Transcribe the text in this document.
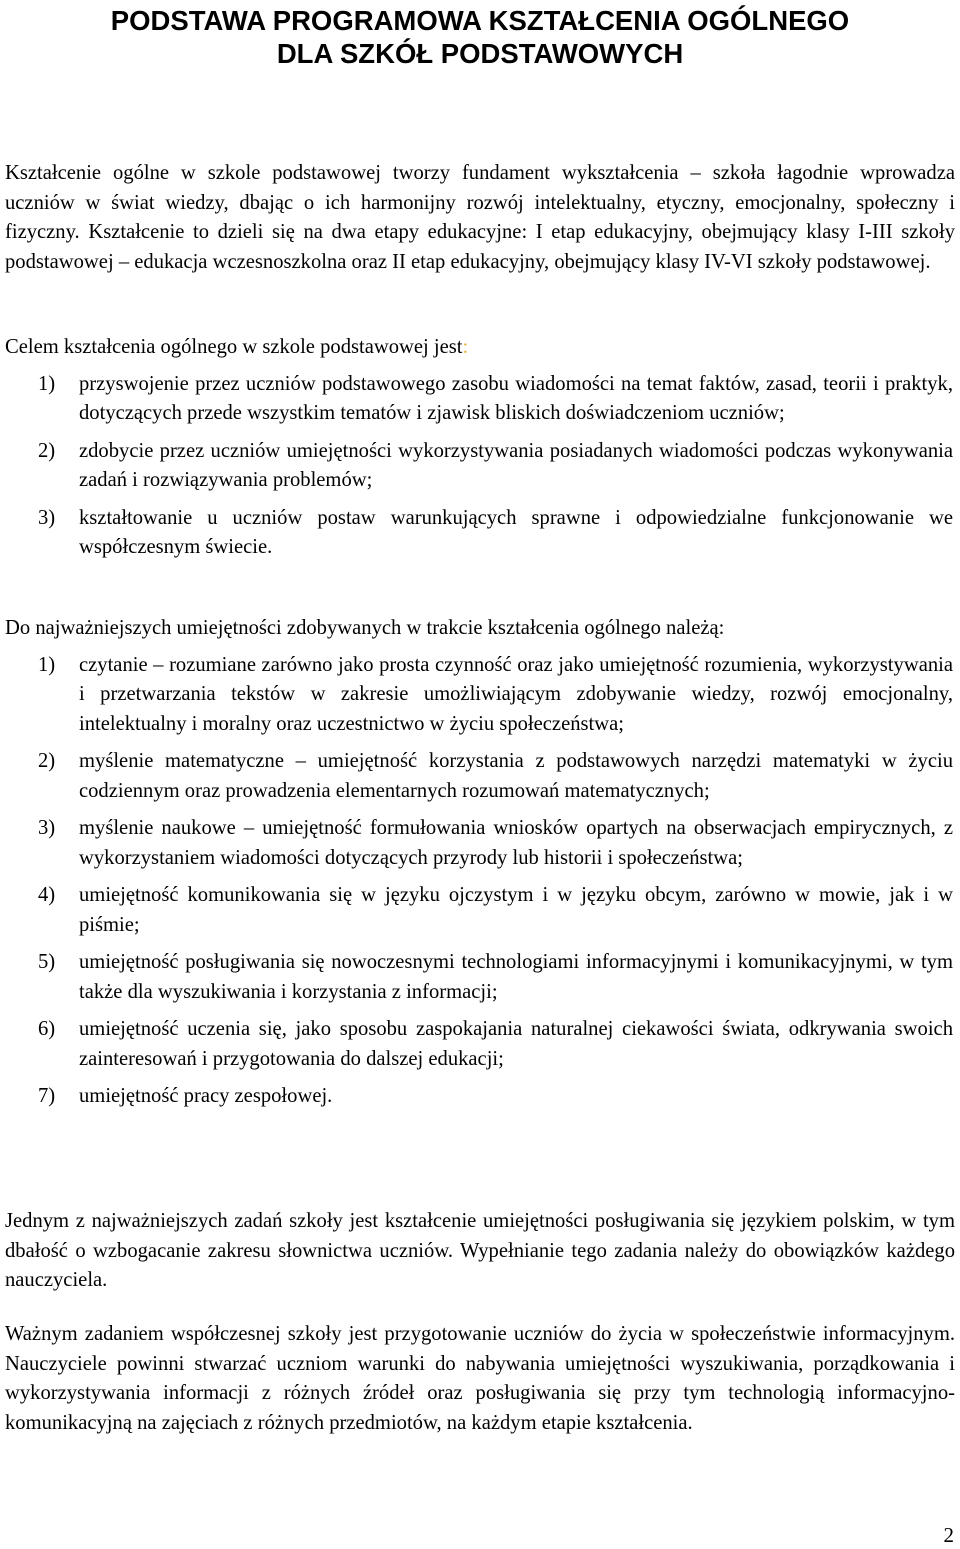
PODSTAWA PROGRAMOWA KSZTAŁCENIA OGÓLNEGO
DLA SZKÓŁ PODSTAWOWYCH

Kształcenie ogólne w szkole podstawowej tworzy fundament wykształcenia – szkoła łagodnie wprowadza uczniów w świat wiedzy, dbając o ich harmonijny rozwój intelektualny, etyczny, emocjonalny, społeczny i fizyczny. Kształcenie to dzieli się na dwa etapy edukacyjne: I etap edukacyjny, obejmujący klasy I-III szkoły podstawowej – edukacja wczesnoszkolna oraz II etap edukacyjny, obejmujący klasy IV-VI szkoły podstawowej.

Celem kształcenia ogólnego w szkole podstawowej jest:

1)	przyswojenie przez uczniów podstawowego zasobu wiadomości na temat faktów, zasad, teorii i praktyk, dotyczących przede wszystkim tematów i zjawisk bliskich doświadczeniom uczniów;
2)	zdobycie przez uczniów umiejętności wykorzystywania posiadanych wiadomości podczas wykonywania zadań i rozwiązywania problemów;
3)	kształtowanie u uczniów postaw warunkujących sprawne i odpowiedzialne funkcjonowanie we współczesnym świecie.

Do najważniejszych umiejętności zdobywanych w trakcie kształcenia ogólnego należą:

1)	czytanie – rozumiane zarówno jako prosta czynność oraz jako umiejętność rozumienia, wykorzystywania i przetwarzania tekstów w zakresie umożliwiającym zdobywanie wiedzy, rozwój emocjonalny, intelektualny i moralny oraz uczestnictwo w życiu społeczeństwa;
2)	myślenie matematyczne – umiejętność korzystania z podstawowych narzędzi matematyki w życiu codziennym oraz prowadzenia elementarnych rozumowań matematycznych;
3)	myślenie naukowe – umiejętność formułowania wniosków opartych na obserwacjach empirycznych, z wykorzystaniem wiadomości dotyczących przyrody lub historii i społeczeństwa;
4)	umiejętność komunikowania się w języku ojczystym i w języku obcym, zarówno w mowie, jak i w piśmie;
5)	umiejętność posługiwania się nowoczesnymi technologiami informacyjnymi i komunikacyjnymi, w tym także dla wyszukiwania i korzystania z informacji;
6)	umiejętność uczenia się, jako sposobu zaspokajania naturalnej ciekawości świata, odkrywania swoich zainteresowań i przygotowania do dalszej edukacji;
7)	umiejętność pracy zespołowej.

Jednym z najważniejszych zadań szkoły jest kształcenie umiejętności posługiwania się językiem polskim, w tym dbałość o wzbogacanie zakresu słownictwa uczniów. Wypełnianie tego zadania należy do obowiązków każdego nauczyciela.

Ważnym zadaniem współczesnej szkoły jest przygotowanie uczniów do życia w społeczeństwie informacyjnym. Nauczyciele powinni stwarzać uczniom warunki do nabywania umiejętności wyszukiwania, porządkowania i wykorzystywania informacji z różnych źródeł oraz posługiwania się przy tym technologią informacyjno-komunikacyjną na zajęciach z różnych przedmiotów, na każdym etapie kształcenia.

2
